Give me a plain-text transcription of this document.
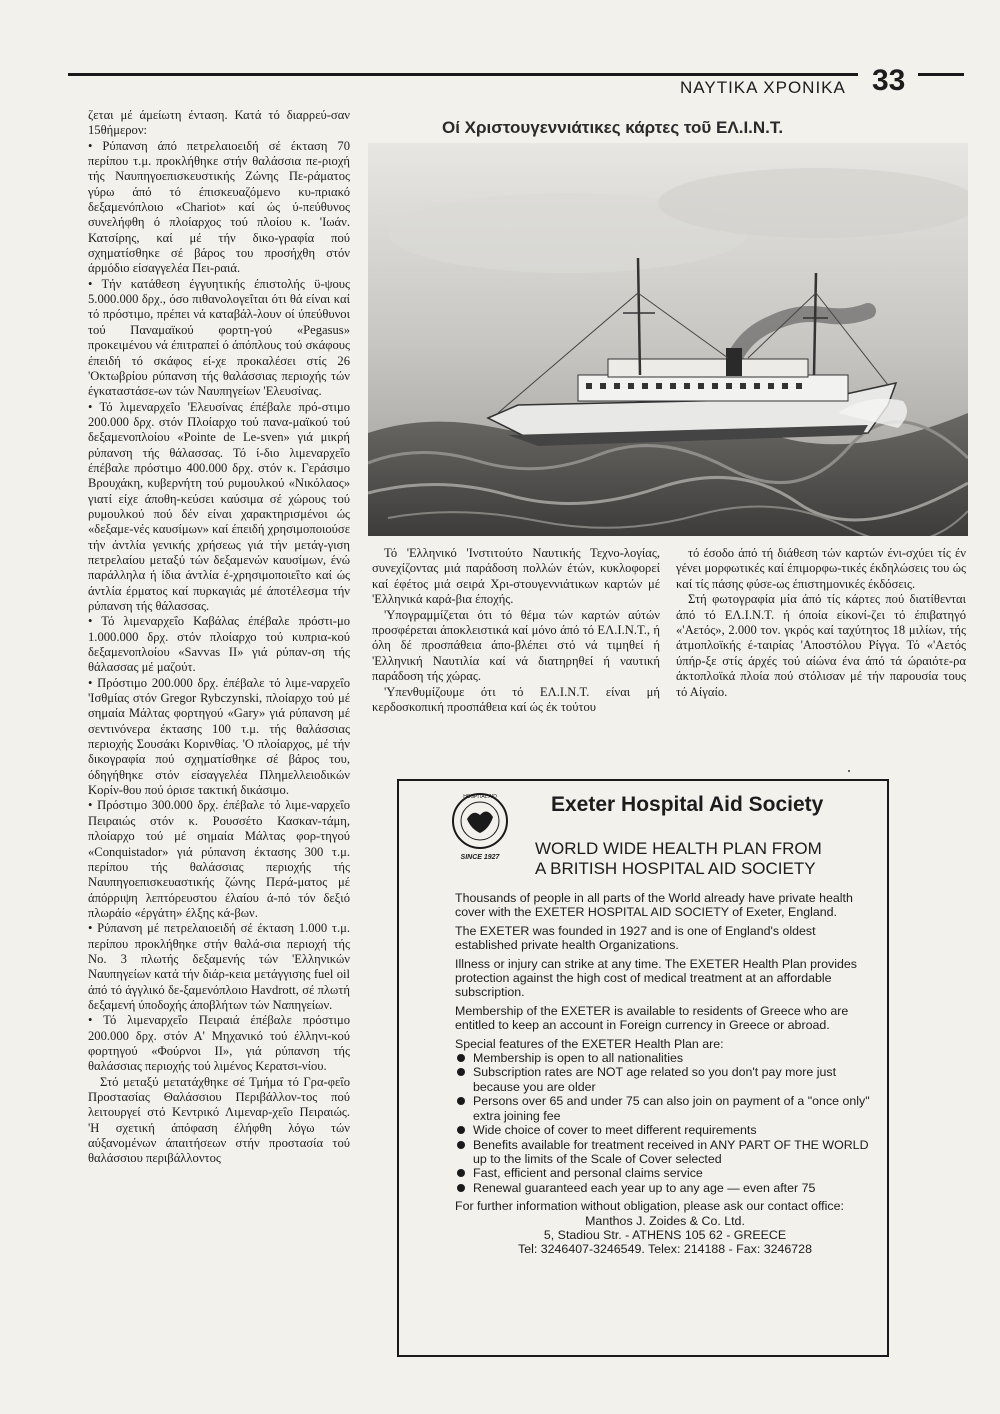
ΝΑΥΤΙΚΑ ΧΡΟΝΙΚΑ 33

ζεται μέ άμείωτη ένταση. Κατά τό διαρρεύ-σαν 15θήμερον:

• Ρύπανση άπό πετρελαιοειδή σέ έκταση 70 περίπου τ.μ. προκλήθηκε στήν θαλάσσια πε-ριοχή τής Ναυπηγοεπισκευστικής Ζώνης Πε-ράματος γύρω άπό τό έπισκευαζόμενο κυ-πριακό δεξαμενόπλοιο «Chariot» καί ώς ύ-πεύθυνος συνελήφθη ό πλοίαρχος τού πλοίου κ. 'Ιωάν. Κατσίρης, καί μέ τήν δικο-γραφία πού σχηματίσθηκε σέ βάρος του προσήχθη στόν άρμόδιο είσαγγελέα Πει-ραιά.

• Τήν κατάθεση έγγυητικής έπιστολής ϋ-ψους 5.000.000 δρχ., όσο πιθανολογεΐται ότι θά είναι καί τό πρόστιμο, πρέπει νά καταβάλ-λουν οί ύπεύθυνοι τού Παναμαϊκού φορτη-γού «Pegasus» προκειμένου νά έπιτραπεί ό άπόπλους τού σκάφους έπειδή τό σκάφος εί-χε προκαλέσει στίς 26 'Οκτωβρίου ρύπανση τής θαλάσσιας περιοχής τών έγκαταστάσε-ων τών Ναυπηγείων 'Ελευσίνας.

• Τό λιμεναρχεΐο 'Ελευσίνας έπέβαλε πρό-στιμο 200.000 δρχ. στόν Πλοίαρχο τού πανα-μαϊκού τού δεξαμενοπλοίου «Pointe de Le-sven» γιά μικρή ρύπανση τής θάλασσας. Τό ί-διο λιμεναρχεΐο έπέβαλε πρόστιμο 400.000 δρχ. στόν κ. Γεράσιμο Βρουχάκη, κυβερνήτη τού ρυμουλκού «Νικόλαος» γιατί είχε άποθη-κεύσει καύσιμα σέ χώρους τού ρυμουλκού πού δέν είναι χαρακτηρισμένοι ώς «δεξαμε-νές καυσίμων» καί έπειδή χρησιμοποιούσε τήν άντλία γενικής χρήσεως γιά τήν μετάγ-γιση πετρελαίου μεταξύ τών δεξαμενών καυσίμων, ένώ παράλληλα ή ίδια άντλία έ-χρησιμοποιεΐτο καί ώς άντλία έρματος καί πυρκαγιάς μέ άποτέλεσμα τήν ρύπανση τής θάλασσας.

• Τό λιμεναρχεΐο Καβάλας έπέβαλε πρόστι-μο 1.000.000 δρχ. στόν πλοίαρχο τού κυπρια-κού δεξαμενοπλοίου «Savvas II» γιά ρύπαν-ση τής θάλασσας μέ μαζούτ.

• Πρόστιμο 200.000 δρχ. έπέβαλε τό λιμε-ναρχεΐο 'Ισθμίας στόν Gregor Rybczynski, πλοίαρχο τού μέ σημαία Μάλτας φορτηγού «Gary» γιά ρύπανση μέ σεντινόνερα έκτασης 100 τ.μ. τής θαλάσσιας περιοχής Σουσάκι Κορινθίας. 'Ο πλοίαρχος, μέ τήν δικογραφία πού σχηματίσθηκε σέ βάρος του, όδηγήθηκε στόν είσαγγελέα Πλημελλειοδικών Κορίν-θου πού όρισε τακτική δικάσιμο.

• Πρόστιμο 300.000 δρχ. έπέβαλε τό λιμε-ναρχεΐο Πειραιώς στόν κ. Ρουσσέτο Κασκαν-τάμη, πλοίαρχο τού μέ σημαία Μάλτας φορ-τηγού «Conquistador» γιά ρύπανση έκτασης 300 τ.μ. περίπου τής θαλάσσιας περιοχής τής Ναυπηγοεπισκευαστικής ζώνης Περά-ματος μέ άπόρριψη λεπτόρευστου έλαίου ά-πό τόν δεξιό πλωράίο «έργάτη» έλξης κά-βων.

• Ρύπανση μέ πετρελαιοειδή σέ έκταση 1.000 τ.μ. περίπου προκλήθηκε στήν θαλά-σια περιοχή τής Νο. 3 πλωτής δεξαμενής τών 'Ελληνικών Ναυπηγείων κατά τήν διάρ-κεια μετάγγισης fuel oil άπό τό άγγλικό δε-ξαμενόπλοιο Havdrott, σέ πλωτή δεξαμενή ύποδοχής άποβλήτων τών Ναπηγείων.

• Τό λιμεναρχεΐο Πειραιά έπέβαλε πρόστιμο 200.000 δρχ. στόν Α' Μηχανικό τού έλληνι-κού φορτηγού «Φούρνοι ΙΙ», γιά ρύπανση τής θαλάσσιας περιοχής τού λιμένος Κερατσι-νίου.

Στό μεταξύ μετατάχθηκε σέ Τμήμα τό Γρα-φεΐο Προστασίας Θαλάσσιου Περιβάλλον-τος πού λειτουργεί στό Κεντρικό Λιμεναρ-χεΐο Πειραιώς. 'Η σχετική άπόφαση έλήφθη λόγω τών αύξανομένων άπαιτήσεων στήν προστασία τού θαλάσσιου περιβάλλοντος

Οί Χριστουγεννιάτικες κάρτες τοῦ ΕΛ.Ι.Ν.Τ.

Τό 'Ελληνικό 'Ινστιτούτο Ναυτικής Τεχνο-λογίας, συνεχίζοντας μιά παράδοση πολλών έτών, κυκλοφορεί καί έφέτος μιά σειρά Χρι-στουγεννιάτικων καρτών μέ 'Ελληνικά καρά-βια έποχής.

'Υπογραμμίζεται ότι τό θέμα τών καρτών αύτών προσφέρεται άποκλειστικά καί μόνο άπό τό ΕΛ.Ι.Ν.Τ., ή όλη δέ προσπάθεια άπο-βλέπει στό νά τιμηθεί ή 'Ελληνική Ναυτιλία καί νά διατηρηθεί ή ναυτική παράδοση τής χώρας.

'Υπενθυμίζουμε ότι τό ΕΛ.Ι.Ν.Τ. είναι μή κερδοσκοπική προσπάθεια καί ώς έκ τούτου

τό έσοδο άπό τή διάθεση τών καρτών ένι-σχύει τίς έν γένει μορφωτικές καί έπιμορφω-τικές έκδηλώσεις του ώς καί τίς πάσης φύσε-ως έπιστημονικές έκδόσεις.

Στή φωτογραφία μία άπό τίς κάρτες πού διατίθενται άπό τό ΕΛ.Ι.Ν.Τ. ή όποία είκονί-ζει τό έπιβατηγό «'Αετός», 2.000 τον. γκρός καί ταχύτητος 18 μιλίων, τής άτμοπλοϊκής έ-ταιρίας 'Αποστόλου Ρίγγα. Τό «'Αετός ύπήρ-ξε στίς άρχές τού αίώνα ένα άπό τά ώραιότε-ρα άκτοπλοϊκά πλοία πού στόλισαν μέ τήν παρουσία τους τό Αίγαίο.

HOSPITAL AID
SINCE 1927
Exeter Hospital Aid Society
WORLD WIDE HEALTH PLAN FROM
A BRITISH HOSPITAL AID SOCIETY

Thousands of people in all parts of the World already have private health cover with the EXETER HOSPITAL AID SOCIETY of Exeter, England.

The EXETER was founded in 1927 and is one of England's oldest established private health Organizations.

Illness or injury can strike at any time. The EXETER Health Plan provides protection against the high cost of medical treatment at an affordable subscription.

Membership of the EXETER is available to residents of Greece who are entitled to keep an account in Foreign currency in Greece or abroad.

Special features of the EXETER Health Plan are:

Membership is open to all nationalities
Subscription rates are NOT age related so you don't pay more just because you are older
Persons over 65 and under 75 can also join on payment of a "once only" extra joining fee
Wide choice of cover to meet different requirements
Benefits available for treatment received in ANY PART OF THE WORLD up to the limits of the Scale of Cover selected
Fast, efficient and personal claims service
Renewal guaranteed each year up to any age — even after 75

For further information without obligation, please ask our contact office:

Manthos J. Zoides & Co. Ltd.
5, Stadiou Str. - ATHENS 105 62 - GREECE
Tel: 3246407-3246549. Telex: 214188 - Fax: 3246728
